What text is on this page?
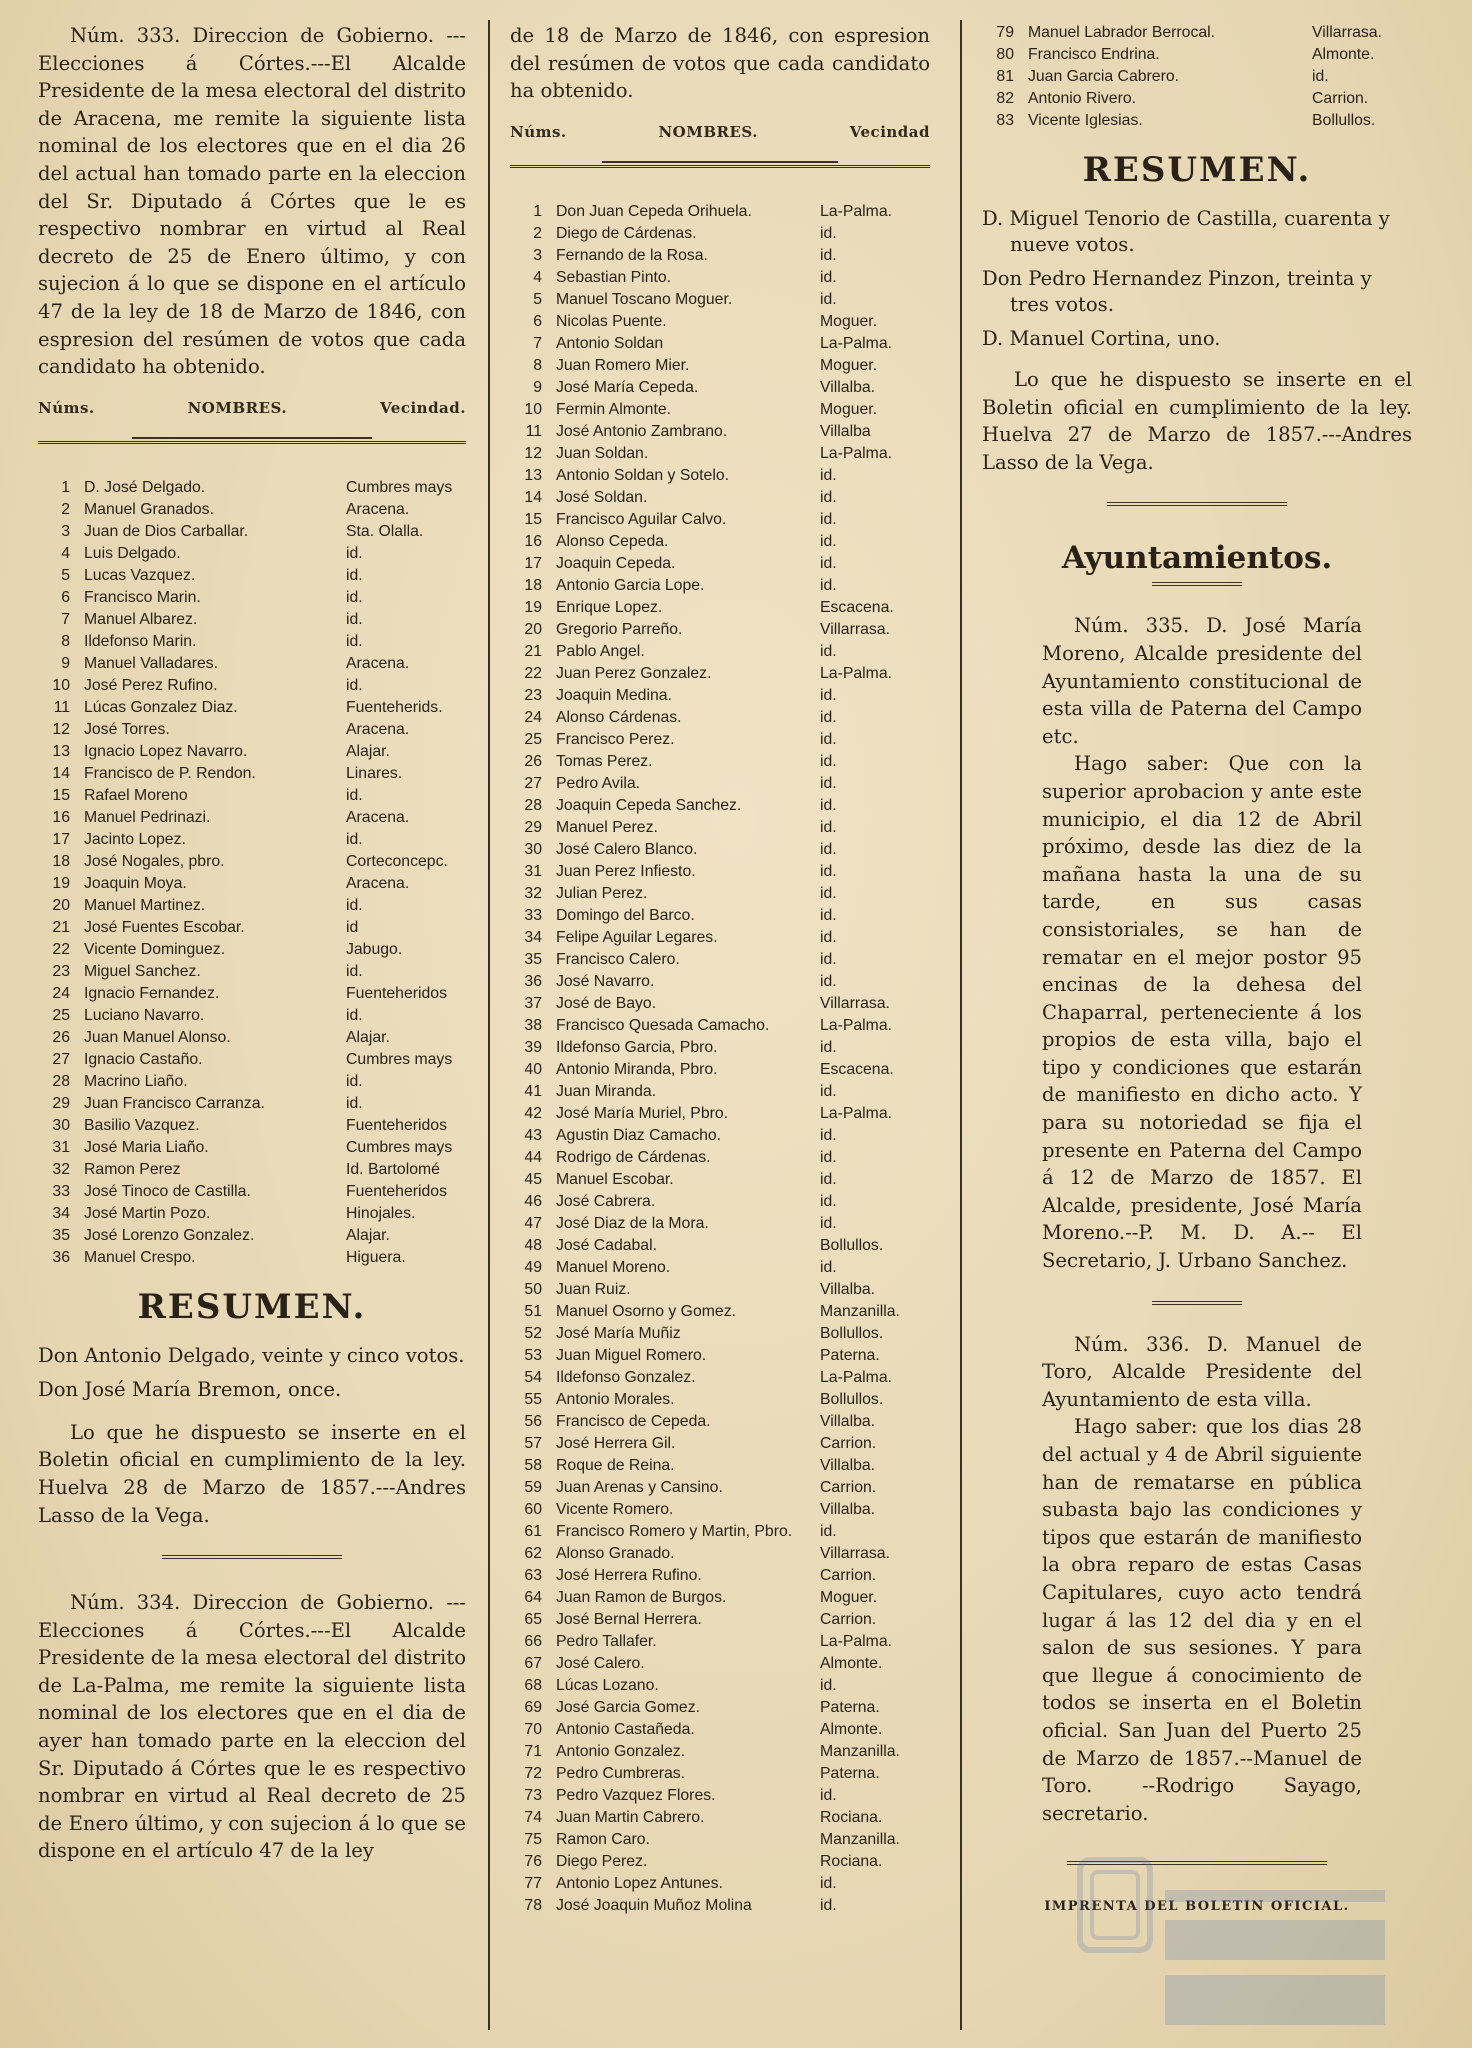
Núm. 333. Direccion de Gobierno. ---Elecciones á Córtes.---El Alcalde Presidente de la mesa electoral del distrito de Aracena, me remite la siguiente lista nominal de los electores que en el dia 26 del actual han tomado parte en la eleccion del Sr. Diputado á Córtes que le es respectivo nombrar en virtud al Real decreto de 25 de Enero último, y con sujecion á lo que se dispone en el artículo 47 de la ley de 18 de Marzo de 1846, con espresion del resúmen de votos que cada candidato ha obtenido.

Núms.	NOMBRES.	Vecindad.
1	D. José Delgado.	Cumbres mays
2	Manuel Granados.	Aracena.
3	Juan de Dios Carballar.	Sta. Olalla.
4	Luis Delgado.	id.
5	Lucas Vazquez.	id.
6	Francisco Marin.	id.
7	Manuel Albarez.	id.
8	Ildefonso Marin.	id.
9	Manuel Valladares.	Aracena.
10	José Perez Rufino.	id.
11	Lúcas Gonzalez Diaz.	Fuenteherids.
12	José Torres.	Aracena.
13	Ignacio Lopez Navarro.	Alajar.
14	Francisco de P. Rendon.	Linares.
15	Rafael Moreno	id.
16	Manuel Pedrinazi.	Aracena.
17	Jacinto Lopez.	id.
18	José Nogales, pbro.	Corteconcepc.
19	Joaquin Moya.	Aracena.
20	Manuel Martinez.	id.
21	José Fuentes Escobar.	id
22	Vicente Dominguez.	Jabugo.
23	Miguel Sanchez.	id.
24	Ignacio Fernandez.	Fuenteheridos
25	Luciano Navarro.	id.
26	Juan Manuel Alonso.	Alajar.
27	Ignacio Castaño.	Cumbres mays
28	Macrino Liaño.	id.
29	Juan Francisco Carranza.	id.
30	Basilio Vazquez.	Fuenteheridos
31	José Maria Liaño.	Cumbres mays
32	Ramon Perez	Id. Bartolomé
33	José Tinoco de Castilla.	Fuenteheridos
34	José Martin Pozo.	Hinojales.
35	José Lorenzo Gonzalez.	Alajar.
36	Manuel Crespo.	Higuera.
RESUMEN.

Don Antonio Delgado, veinte y cinco votos.

Don José María Bremon, once.

Lo que he dispuesto se inserte en el Boletin oficial en cumplimiento de la ley. Huelva 28 de Marzo de 1857.---Andres Lasso de la Vega.

Núm. 334. Direccion de Gobierno. ---Elecciones á Córtes.---El Alcalde Presidente de la mesa electoral del distrito de La-Palma, me remite la siguiente lista nominal de los electores que en el dia de ayer han tomado parte en la eleccion del Sr. Diputado á Córtes que le es respectivo nombrar en virtud al Real decreto de 25 de Enero último, y con sujecion á lo que se dispone en el artículo 47 de la ley

de 18 de Marzo de 1846, con espresion del resúmen de votos que cada candidato ha obtenido.

Núms.	NOMBRES.	Vecindad
1	Don Juan Cepeda Orihuela.	La-Palma.
2	Diego de Cárdenas.	id.
3	Fernando de la Rosa.	id.
4	Sebastian Pinto.	id.
5	Manuel Toscano Moguer.	id.
6	Nicolas Puente.	Moguer.
7	Antonio Soldan	La-Palma.
8	Juan Romero Mier.	Moguer.
9	José María Cepeda.	Villalba.
10	Fermin Almonte.	Moguer.
11	José Antonio Zambrano.	Villalba
12	Juan Soldan.	La-Palma.
13	Antonio Soldan y Sotelo.	id.
14	José Soldan.	id.
15	Francisco Aguilar Calvo.	id.
16	Alonso Cepeda.	id.
17	Joaquin Cepeda.	id.
18	Antonio Garcia Lope.	id.
19	Enrique Lopez.	Escacena.
20	Gregorio Parreño.	Villarrasa.
21	Pablo Angel.	id.
22	Juan Perez Gonzalez.	La-Palma.
23	Joaquin Medina.	id.
24	Alonso Cárdenas.	id.
25	Francisco Perez.	id.
26	Tomas Perez.	id.
27	Pedro Avila.	id.
28	Joaquin Cepeda Sanchez.	id.
29	Manuel Perez.	id.
30	José Calero Blanco.	id.
31	Juan Perez Infiesto.	id.
32	Julian Perez.	id.
33	Domingo del Barco.	id.
34	Felipe Aguilar Legares.	id.
35	Francisco Calero.	id.
36	José Navarro.	id.
37	José de Bayo.	Villarrasa.
38	Francisco Quesada Camacho.	La-Palma.
39	Ildefonso Garcia, Pbro.	id.
40	Antonio Miranda, Pbro.	Escacena.
41	Juan Miranda.	id.
42	José María Muriel, Pbro.	La-Palma.
43	Agustin Diaz Camacho.	id.
44	Rodrigo de Cárdenas.	id.
45	Manuel Escobar.	id.
46	José Cabrera.	id.
47	José Diaz de la Mora.	id.
48	José Cadabal.	Bollullos.
49	Manuel Moreno.	id.
50	Juan Ruiz.	Villalba.
51	Manuel Osorno y Gomez.	Manzanilla.
52	José María Muñiz	Bollullos.
53	Juan Miguel Romero.	Paterna.
54	Ildefonso Gonzalez.	La-Palma.
55	Antonio Morales.	Bollullos.
56	Francisco de Cepeda.	Villalba.
57	José Herrera Gil.	Carrion.
58	Roque de Reina.	Villalba.
59	Juan Arenas y Cansino.	Carrion.
60	Vicente Romero.	Villalba.
61	Francisco Romero y Martin, Pbro.	id.
62	Alonso Granado.	Villarrasa.
63	José Herrera Rufino.	Carrion.
64	Juan Ramon de Burgos.	Moguer.
65	José Bernal Herrera.	Carrion.
66	Pedro Tallafer.	La-Palma.
67	José Calero.	Almonte.
68	Lúcas Lozano.	id.
69	José Garcia Gomez.	Paterna.
70	Antonio Castañeda.	Almonte.
71	Antonio Gonzalez.	Manzanilla.
72	Pedro Cumbreras.	Paterna.
73	Pedro Vazquez Flores.	id.
74	Juan Martin Cabrero.	Rociana.
75	Ramon Caro.	Manzanilla.
76	Diego Perez.	Rociana.
77	Antonio Lopez Antunes.	id.
78	José Joaquin Muñoz Molina	id.
79	Manuel Labrador Berrocal.	Villarrasa.
80	Francisco Endrina.	Almonte.
81	Juan Garcia Cabrero.	id.
82	Antonio Rivero.	Carrion.
83	Vicente Iglesias.	Bollullos.
RESUMEN.

D. Miguel Tenorio de Castilla, cuarenta y nueve votos.

Don Pedro Hernandez Pinzon, treinta y tres votos.

D. Manuel Cortina, uno.

Lo que he dispuesto se inserte en el Boletin oficial en cumplimiento de la ley. Huelva 27 de Marzo de 1857.---Andres Lasso de la Vega.

Ayuntamientos.

Núm. 335. D. José María Moreno, Alcalde presidente del Ayuntamiento constitucional de esta villa de Paterna del Campo etc.

Hago saber: Que con la superior aprobacion y ante este municipio, el dia 12 de Abril próximo, desde las diez de la mañana hasta la una de su tarde, en sus casas consistoriales, se han de rematar en el mejor postor 95 encinas de la dehesa del Chaparral, perteneciente á los propios de esta villa, bajo el tipo y condiciones que estarán de manifiesto en dicho acto. Y para su notoriedad se fija el presente en Paterna del Campo á 12 de Marzo de 1857. El Alcalde, presidente, José María Moreno.--P. M. D. A.-- El Secretario, J. Urbano Sanchez.

Núm. 336. D. Manuel de Toro, Alcalde Presidente del Ayuntamiento de esta villa.

Hago saber: que los dias 28 del actual y 4 de Abril siguiente han de rematarse en pública subasta bajo las condiciones y tipos que estarán de manifiesto la obra reparo de estas Casas Capitulares, cuyo acto tendrá lugar á las 12 del dia y en el salon de sus sesiones. Y para que llegue á conocimiento de todos se inserta en el Boletin oficial. San Juan del Puerto 25 de Marzo de 1857.--Manuel de Toro. --Rodrigo Sayago, secretario.

IMPRENTA DEL BOLETIN OFICIAL.
